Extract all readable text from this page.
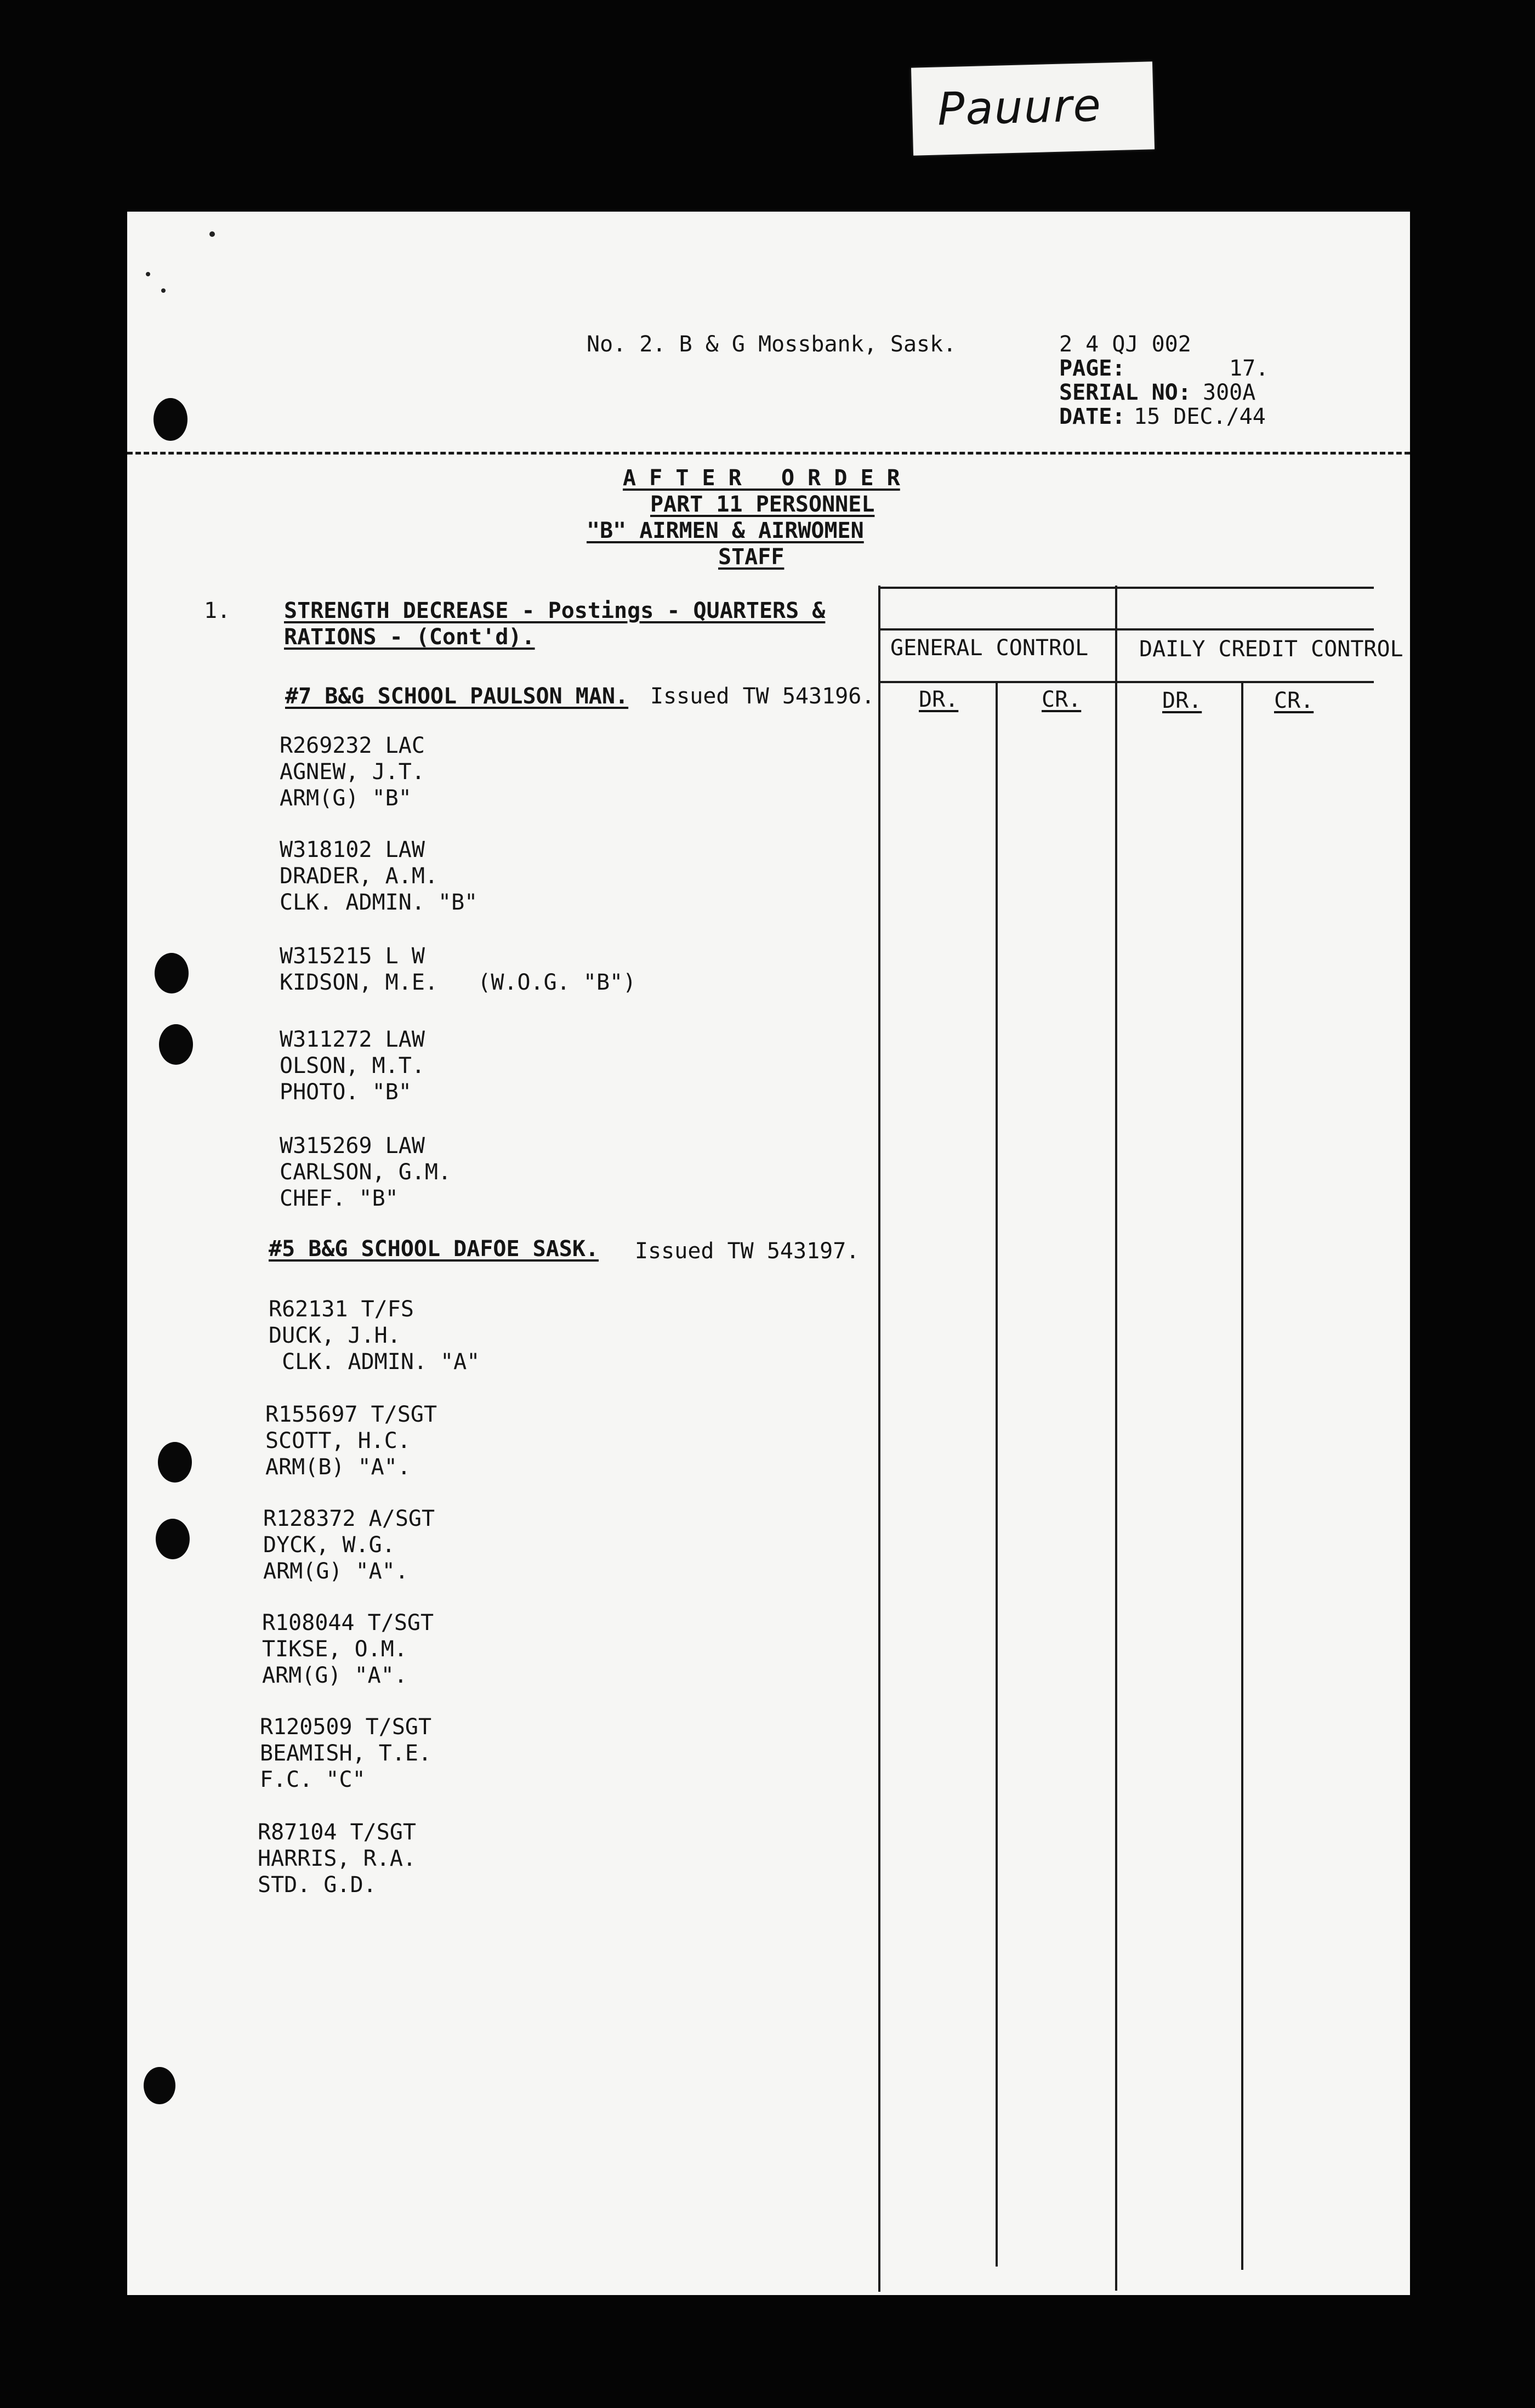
Pauure
No. 2. B & G Mossbank, Sask.	2 4 QJ 002
PAGE:	17.
SERIAL NO: 300A
DATE: 15 DEC./44
A F T E R   O R D E R
PART 11 PERSONNEL
"B" AIRMEN & AIRWOMEN
STAFF
1. STRENGTH DECREASE - Postings - QUARTERS &
RATIONS - (Cont'd).	GENERAL CONTROL DAILY CREDIT CONTROL
DR.	CR.	DR.	CR.
#7 B&G SCHOOL PAULSON MAN. Issued TW 543196.
R269232 LAC
AGNEW, J.T.
ARM(G) "B"
W318102 LAW
DRADER, A.M.
CLK. ADMIN. "B"
W315215 L W
KIDSON, M.E.   (W.O.G. "B")
W311272 LAW
OLSON, M.T.
PHOTO. "B"
W315269 LAW
CARLSON, G.M.
CHEF. "B"
#5 B&G SCHOOL DAFOE SASK. Issued TW 543197.
R62131 T/FS
DUCK, J.H.
CLK. ADMIN. "A"
R155697 T/SGT
SCOTT, H.C.
ARM(B) "A".
R128372 A/SGT
DYCK, W.G.
ARM(G) "A".
R108044 T/SGT
TIKSE, O.M.
ARM(G) "A".
R120509 T/SGT
BEAMISH, T.E.
F.C. "C"
R87104 T/SGT
HARRIS, R.A.
STD. G.D.
